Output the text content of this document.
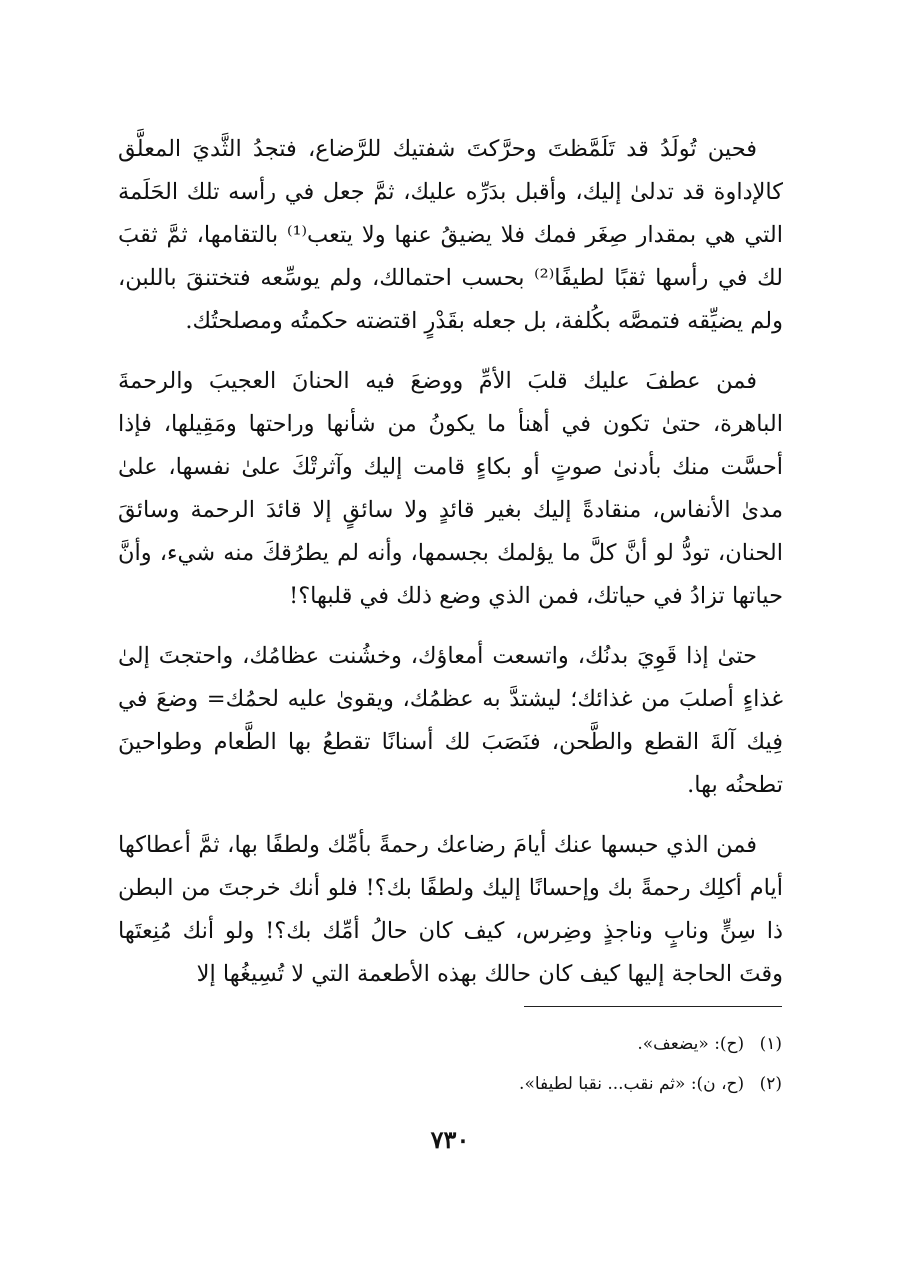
فحين تُولَدُ قد تَلَمَّظتَ وحرَّكتَ شفتيك للرَّضاع، فتجدُ الثَّديَ المعلَّق كالإداوة قد تدلىٰ إليك، وأقبل بدَرِّه عليك، ثمَّ جعل في رأسه تلك الحَلَمة التي هي بمقدار صِغَر فمك فلا يضيقُ عنها ولا يتعب⁽¹⁾ بالتقامها، ثمَّ ثقبَ لك في رأسها ثقبًا لطيفًا⁽²⁾ بحسب احتمالك، ولم يوسِّعه فتختنقَ باللبن، ولم يضيِّقه فتمصَّه بكُلفة، بل جعله بقَدْرٍ اقتضته حكمتُه ومصلحتُك.

فمن عطفَ عليك قلبَ الأمِّ ووضعَ فيه الحنانَ العجيبَ والرحمةَ الباهرة، حتىٰ تكون في أهنأ ما يكونُ من شأنها وراحتها ومَقِيلها، فإذا أحسَّت منك بأدنىٰ صوتٍ أو بكاءٍ قامت إليك وآثرتْكَ علىٰ نفسها، علىٰ مدىٰ الأنفاس، منقادةً إليك بغير قائدٍ ولا سائقٍ إلا قائدَ الرحمة وسائقَ الحنان، تودُّ لو أنَّ كلَّ ما يؤلمك بجسمها، وأنه لم يطرُقكَ منه شيء، وأنَّ حياتها تزادُ في حياتك، فمن الذي وضع ذلك في قلبها؟!

حتىٰ إذا قَوِيَ بدنُك، واتسعت أمعاؤك، وخشُنت عظامُك، واحتجتَ إلىٰ غذاءٍ أصلبَ من غذائك؛ ليشتدَّ به عظمُك، ويقوىٰ عليه لحمُك= وضعَ في فِيك آلةَ القطع والطَّحن، فنَصَبَ لك أسنانًا تقطعُ بها الطَّعام وطواحينَ تطحنُه بها.

فمن الذي حبسها عنك أيامَ رضاعك رحمةً بأمِّك ولطفًا بها، ثمَّ أعطاكها أيام أكلِك رحمةً بك وإحسانًا إليك ولطفًا بك؟! فلو أنك خرجتَ من البطن ذا سِنٍّ ونابٍ وناجذٍ وضِرس، كيف كان حالُ أمِّك بك؟! ولو أنك مُنِعتَها وقتَ الحاجة إليها كيف كان حالك بهذه الأطعمة التي لا تُسِيغُها إلا

(١) (ح): «يضعف».

(٢) (ح، ن): «ثم نقب... نقبا لطيفا».

٧٣٠
